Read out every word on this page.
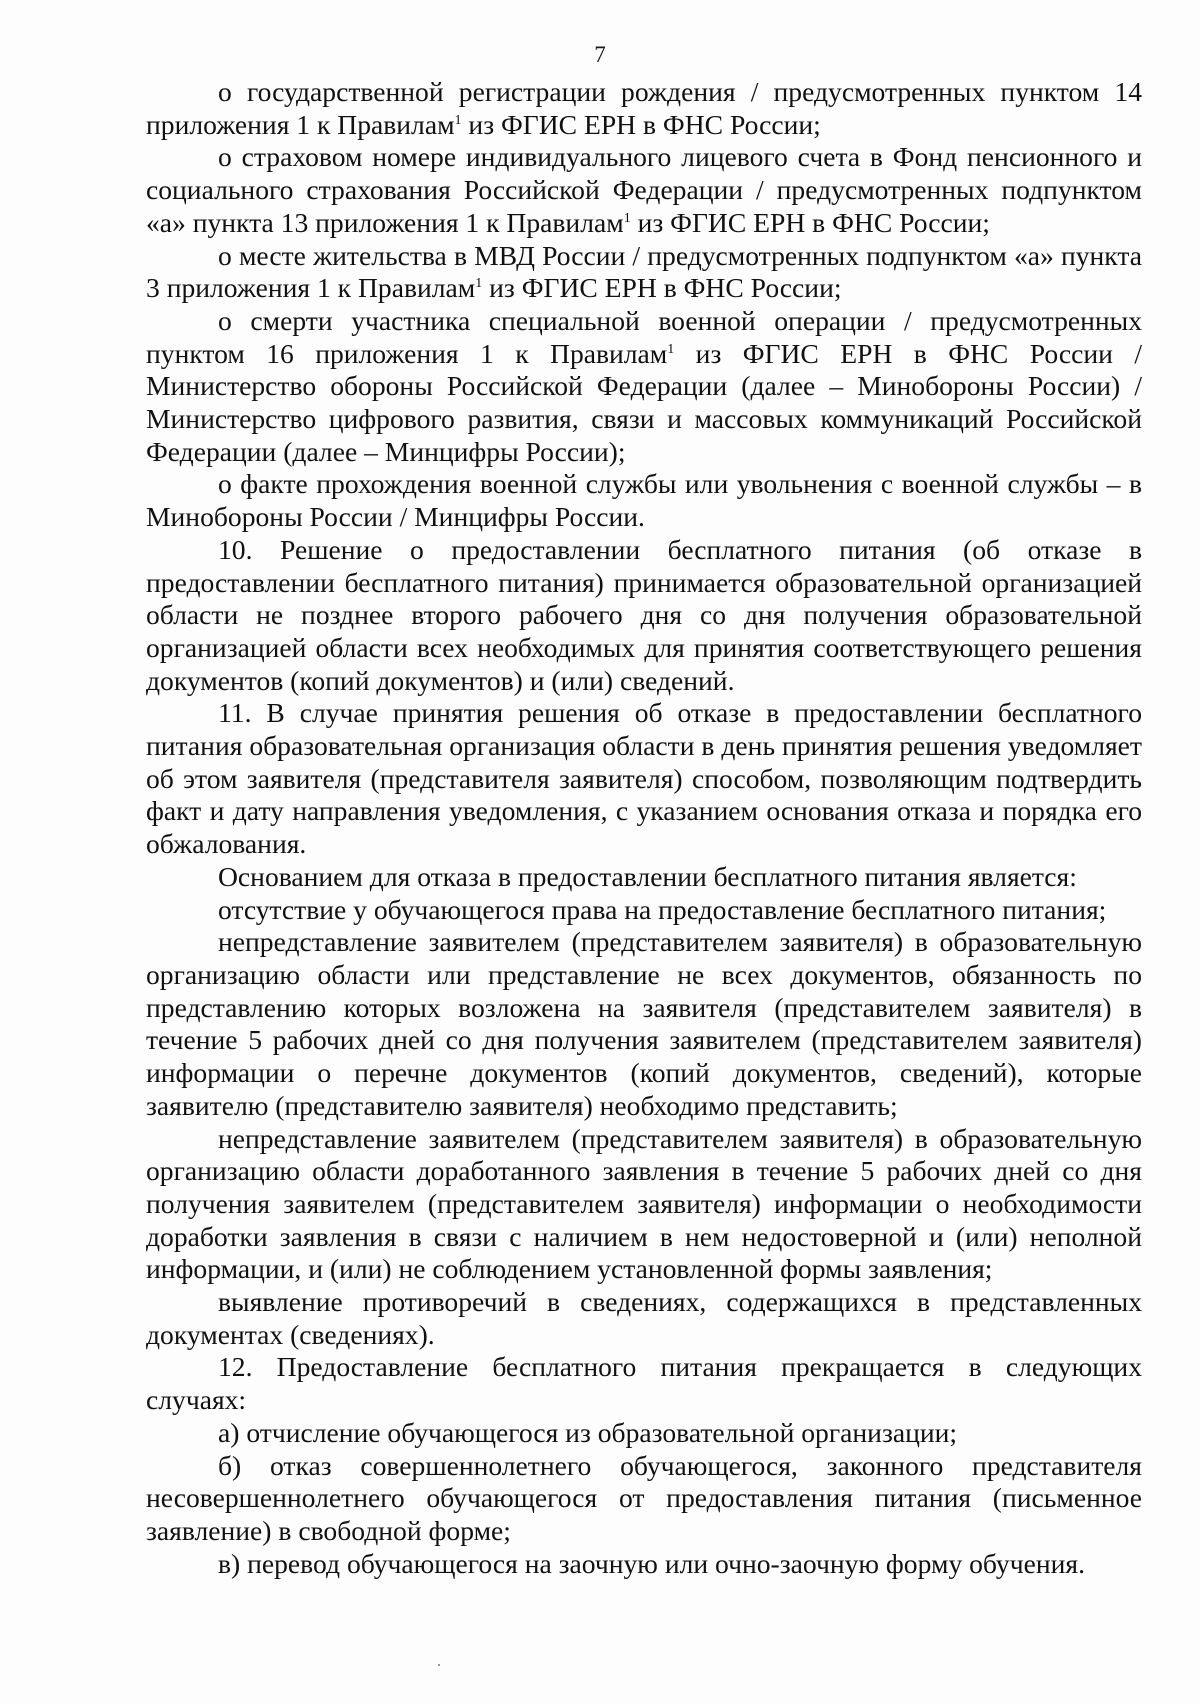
7

о государственной регистрации рождения / предусмотренных пунктом 14 приложения 1 к Правилам$^1$ из ФГИС ЕРН в ФНС России;

о страховом номере индивидуального лицевого счета в Фонд пенсионного и социального страхования Российской Федерации / предусмотренных подпунктом «а» пункта 13 приложения 1 к Правилам$^1$ из ФГИС ЕРН в ФНС России;

о месте жительства в МВД России / предусмотренных подпунктом «а» пункта 3 приложения 1 к Правилам$^1$ из ФГИС ЕРН в ФНС России;

о смерти участника специальной военной операции / предусмотренных пунктом 16 приложения 1 к Правилам$^1$ из ФГИС ЕРН в ФНС России / Министерство обороны Российской Федерации (далее – Минобороны России) / Министерство цифрового развития, связи и массовых коммуникаций Российской Федерации (далее – Минцифры России);

о факте прохождения военной службы или увольнения с военной службы – в Минобороны России / Минцифры России.

10. Решение о предоставлении бесплатного питания (об отказе в предоставлении бесплатного питания) принимается образовательной организацией области не позднее второго рабочего дня со дня получения образовательной организацией области всех необходимых для принятия соответствующего решения документов (копий документов) и (или) сведений.

11. В случае принятия решения об отказе в предоставлении бесплатного питания образовательная организация области в день принятия решения уведомляет об этом заявителя (представителя заявителя) способом, позволяющим подтвердить факт и дату направления уведомления, с указанием основания отказа и порядка его обжалования.

Основанием для отказа в предоставлении бесплатного питания является:

отсутствие у обучающегося права на предоставление бесплатного питания;

непредставление заявителем (представителем заявителя) в образовательную организацию области или представление не всех документов, обязанность по представлению которых возложена на заявителя (представителем заявителя) в течение 5 рабочих дней со дня получения заявителем (представителем заявителя) информации о перечне документов (копий документов, сведений), которые заявителю (представителю заявителя) необходимо представить;

непредставление заявителем (представителем заявителя) в образовательную организацию области доработанного заявления в течение 5 рабочих дней со дня получения заявителем (представителем заявителя) информации о необходимости доработки заявления в связи с наличием в нем недостоверной и (или) неполной информации, и (или) не соблюдением установленной формы заявления;

выявление противоречий в сведениях, содержащихся в представленных документах (сведениях).

12. Предоставление бесплатного питания прекращается в следующих случаях:

а) отчисление обучающегося из образовательной организации;

б) отказ совершеннолетнего обучающегося, законного представителя несовершеннолетнего обучающегося от предоставления питания (письменное заявление) в свободной форме;

в) перевод обучающегося на заочную или очно-заочную форму обучения.
